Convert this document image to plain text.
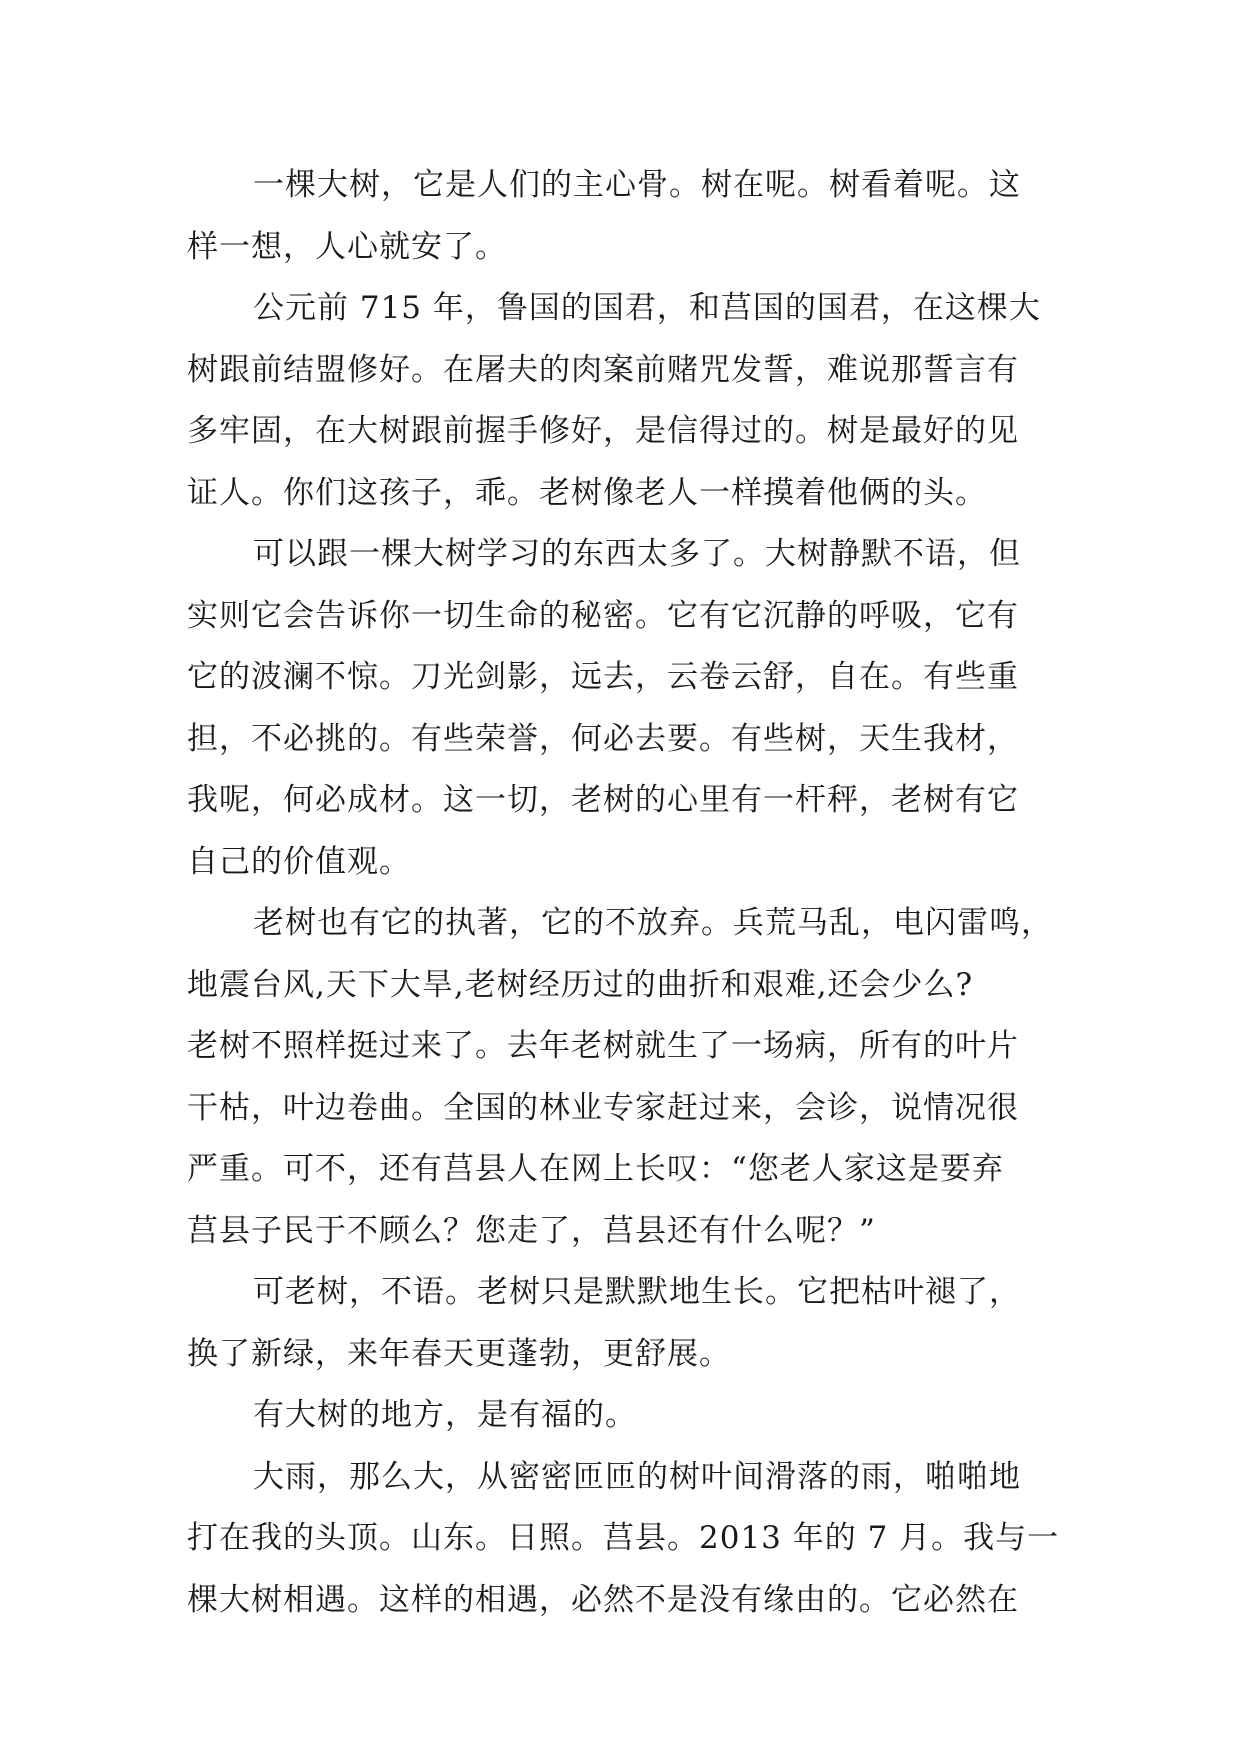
一棵大树，它是人们的主心骨。树在呢。树看着呢。这
样一想，人心就安了。
公元前 715 年，鲁国的国君，和莒国的国君，在这棵大
树跟前结盟修好。在屠夫的肉案前赌咒发誓，难说那誓言有
多牢固，在大树跟前握手修好，是信得过的。树是最好的见
证人。你们这孩子，乖。老树像老人一样摸着他俩的头。
可以跟一棵大树学习的东西太多了。大树静默不语，但
实则它会告诉你一切生命的秘密。它有它沉静的呼吸，它有
它的波澜不惊。刀光剑影，远去，云卷云舒，自在。有些重
担，不必挑的。有些荣誉，何必去要。有些树，天生我材，
我呢，何必成材。这一切，老树的心里有一杆秤，老树有它
自己的价值观。
老树也有它的执著，它的不放弃。兵荒马乱，电闪雷鸣，
地震台风,天下大旱,老树经历过的曲折和艰难,还会少么?
老树不照样挺过来了。去年老树就生了一场病，所有的叶片
干枯，叶边卷曲。全国的林业专家赶过来，会诊，说情况很
严重。可不，还有莒县人在网上长叹：“您老人家这是要弃
莒县子民于不顾么？您走了，莒县还有什么呢？”
可老树，不语。老树只是默默地生长。它把枯叶褪了，
换了新绿，来年春天更蓬勃，更舒展。
有大树的地方，是有福的。
大雨，那么大，从密密匝匝的树叶间滑落的雨，啪啪地
打在我的头顶。山东。日照。莒县。2013 年的 7 月。我与一
棵大树相遇。这样的相遇，必然不是没有缘由的。它必然在
